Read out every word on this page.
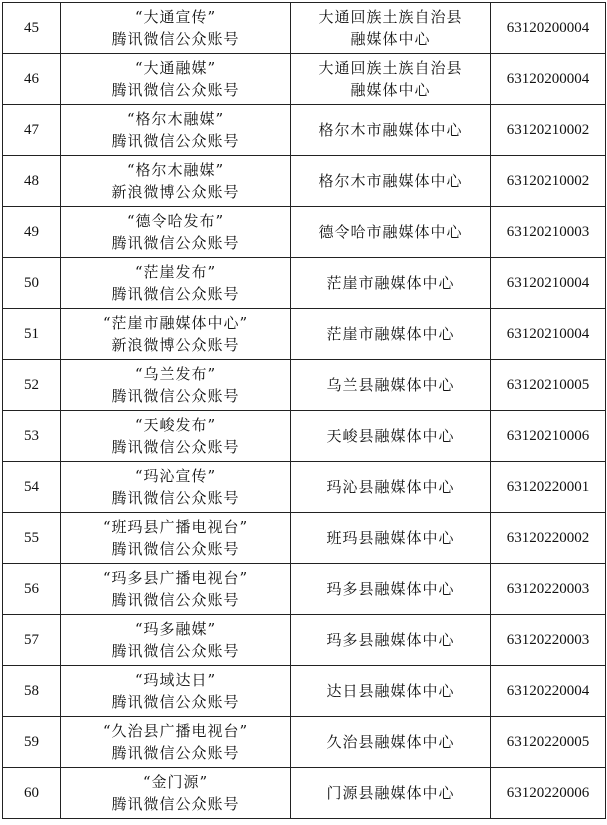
45	“大通宣传”
腾讯微信公众账号	大通回族土族自治县
融媒体中心	63120200004
46	“大通融媒”
腾讯微信公众账号	大通回族土族自治县
融媒体中心	63120200004
47	“格尔木融媒”
腾讯微信公众账号	格尔木市融媒体中心	63120210002
48	“格尔木融媒”
新浪微博公众账号	格尔木市融媒体中心	63120210002
49	“德令哈发布”
腾讯微信公众账号	德令哈市融媒体中心	63120210003
50	“茫崖发布”
腾讯微信公众账号	茫崖市融媒体中心	63120210004
51	“茫崖市融媒体中心”
新浪微博公众账号	茫崖市融媒体中心	63120210004
52	“乌兰发布”
腾讯微信公众账号	乌兰县融媒体中心	63120210005
53	“天峻发布”
腾讯微信公众账号	天峻县融媒体中心	63120210006
54	“玛沁宣传”
腾讯微信公众账号	玛沁县融媒体中心	63120220001
55	“班玛县广播电视台”
腾讯微信公众账号	班玛县融媒体中心	63120220002
56	“玛多县广播电视台”
腾讯微信公众账号	玛多县融媒体中心	63120220003
57	“玛多融媒”
腾讯微信公众账号	玛多县融媒体中心	63120220003
58	“玛域达日”
腾讯微信公众账号	达日县融媒体中心	63120220004
59	“久治县广播电视台”
腾讯微信公众账号	久治县融媒体中心	63120220005
60	“金门源”
腾讯微信公众账号	门源县融媒体中心	63120220006
